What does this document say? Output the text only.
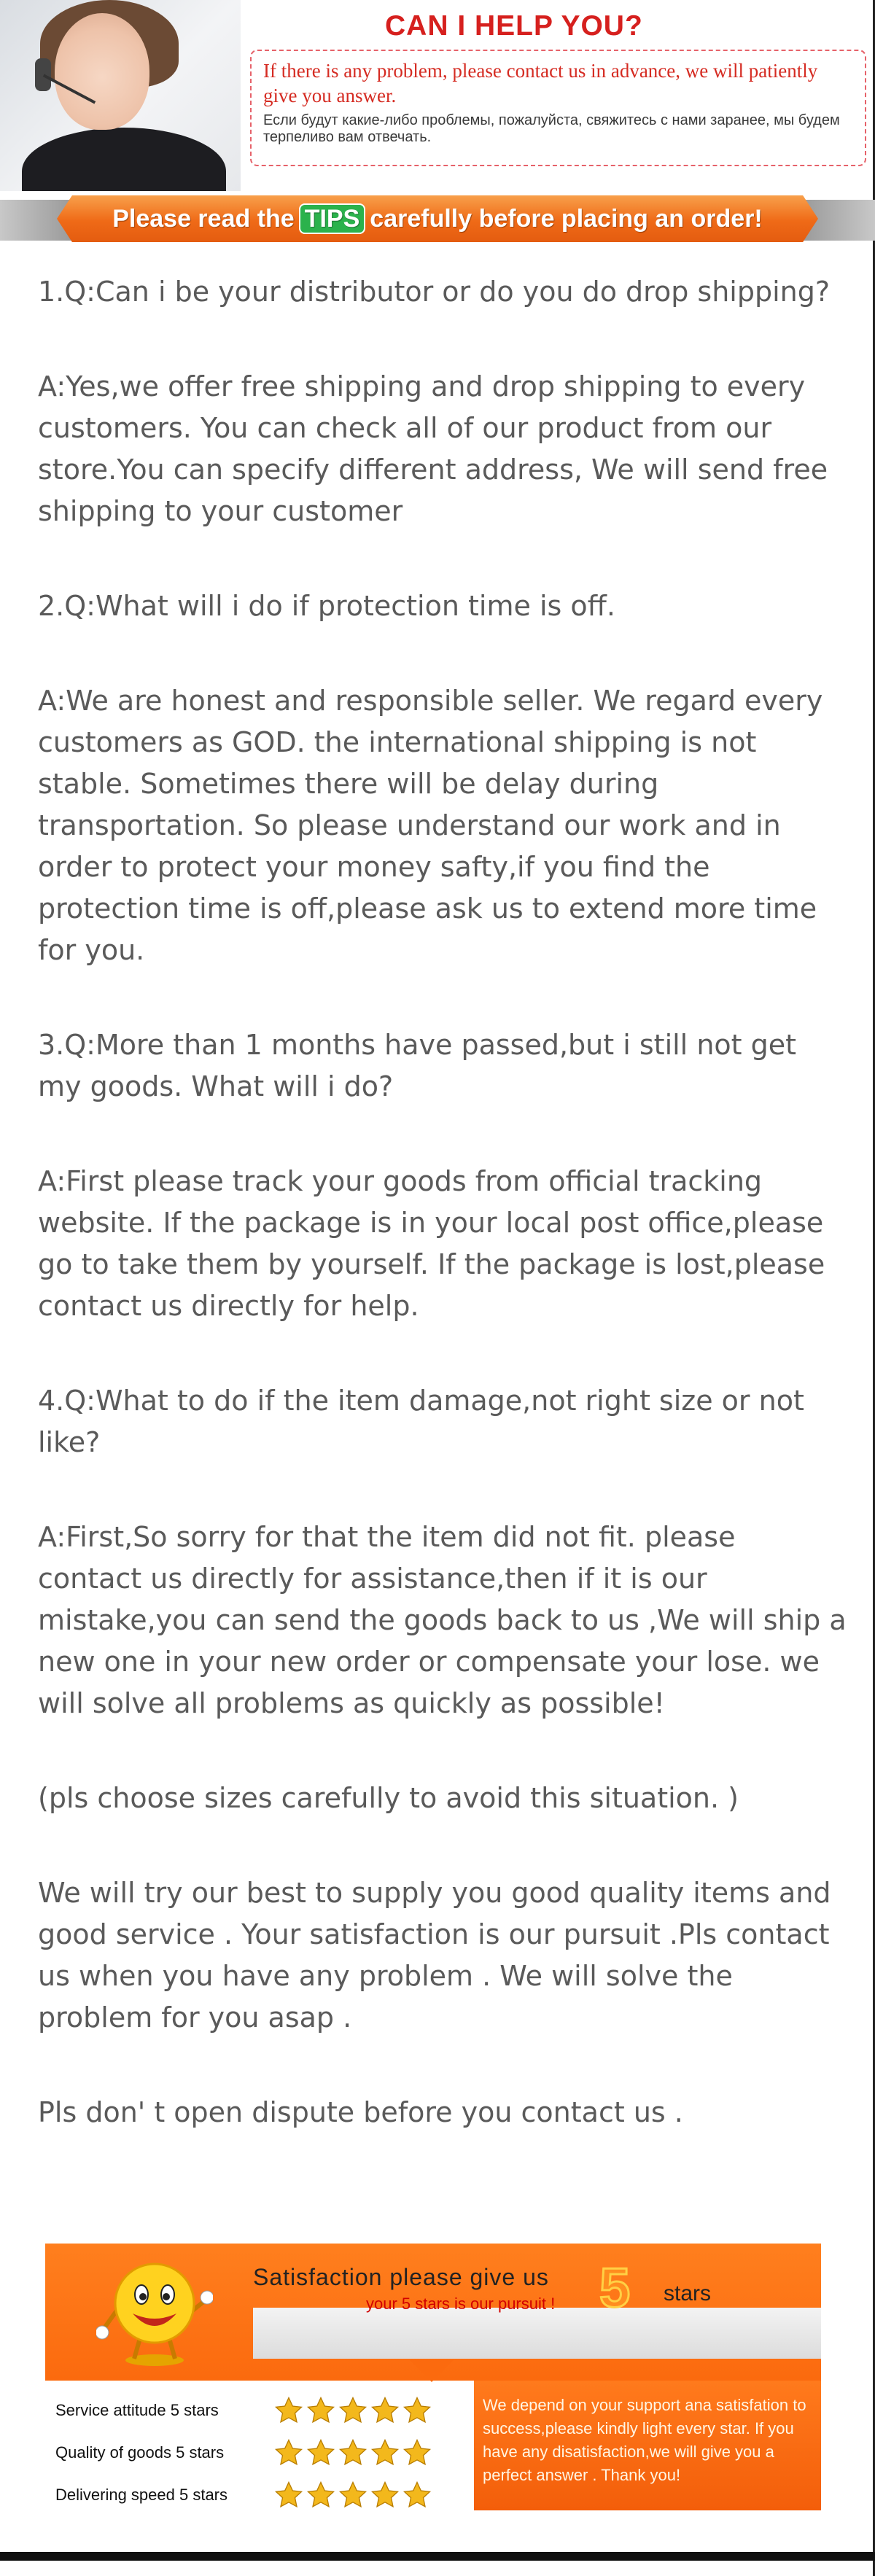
CAN I HELP YOU?

If there is any problem, please contact us in advance, we will patiently give you answer.

Если будут какие-либо проблемы, пожалуйста, свяжитесь с нами заранее, мы будем терпеливо вам отвечать.

Please read the TIPS carefully before placing an order!

1.Q:Can i be your distributor or do you do drop shipping?

A:Yes,we offer free shipping and drop shipping to every customers. You can check all of our product from our store.You can specify different address, We will send free shipping to your customer

2.Q:What will i do if protection time is off.

A:We are honest and responsible seller. We regard every customers as GOD. the international shipping is not stable. Sometimes there will be delay during transportation. So please understand our work and in order to protect your money safty,if you find the protection time is off,please ask us to extend more time for you.

3.Q:More than 1 months have passed,but i still not get my goods. What will i do?

A:First please track your goods from official tracking website. If the package is in your local post office,please go to take them by yourself. If the package is lost,please contact us directly for help.

4.Q:What to do if the item damage,not right size or not like?

A:First,So sorry for that the item did not fit. please contact us directly for assistance,then if it is our mistake,you can send the goods back to us ,We will ship a new one in your new order or compensate your lose. we will solve all problems as quickly as possible!

(pls choose sizes carefully to avoid this situation. )

We will try our best to supply you good quality items and good service . Your satisfaction is our pursuit .Pls contact us when you have any problem . We will solve the problem for you asap .

Pls don' t open dispute before you contact us .

Satisfaction please give us
your 5 stars is our pursuit ! 5 stars
Service attitude 5 stars
Quality of goods 5 stars
Delivering speed 5 stars
We depend on your support ana satisfation to success,please kindly light every star. If you have any disatisfaction,we will give you a perfect answer . Thank you!
